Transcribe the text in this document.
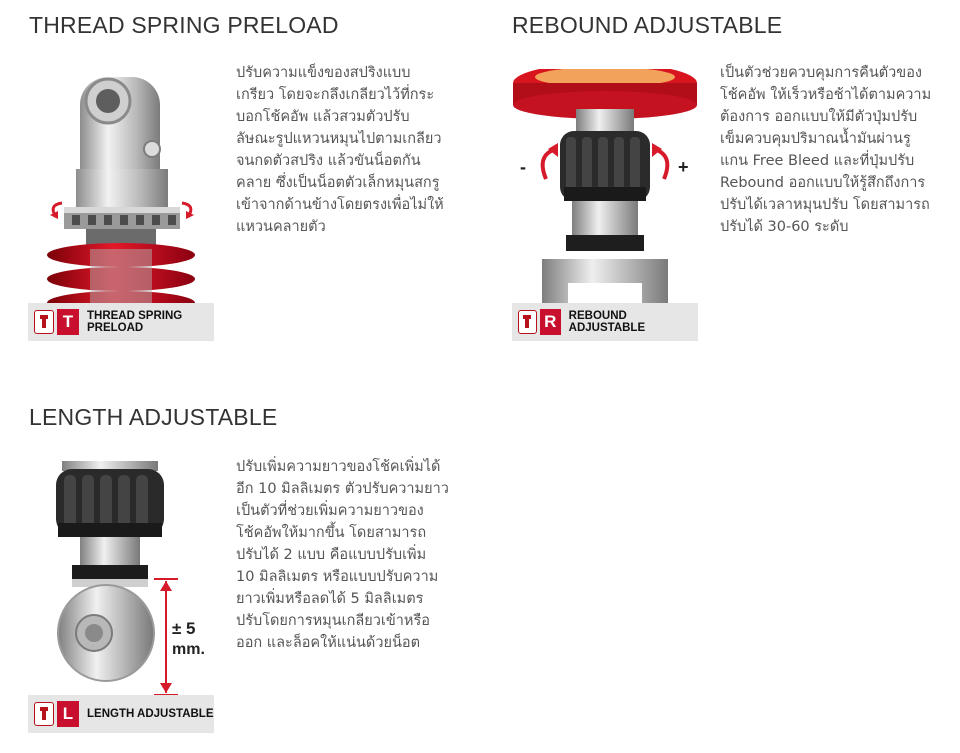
THREAD SPRING PRELOAD
T	THREAD SPRING PRELOAD

ปรับความแข็งของสปริงแบบ
เกรียว โดยจะกลึงเกลียวไว้ที่กระ
บอกโช้คอัพ แล้วสวมตัวปรับ
ลัษณะรูปแหวนหมุนไปตามเกลียว
จนกดตัวสปริง แล้วขันน็อตกัน
คลาย ซึ่งเป็นน็อตตัวเล็กหมุนสกรู
เข้าจากด้านข้างโดยตรงเพื่อไม่ให้
แหวนคลายตัว

REBOUND ADJUSTABLE
-	+
R	REBOUND ADJUSTABLE

เป็นตัวช่วยควบคุมการคืนตัวของ
โช้คอัพ ให้เร็วหรือช้าได้ตามความ
ต้องการ ออกแบบให้มีตัวปุ่มปรับ
เข็มควบคุมปริมาณน้ำมันผ่านรู
แกน Free Bleed และที่ปุ่มปรับ
Rebound ออกแบบให้รู้สึกถึงการ
ปรับได้เวลาหมุนปรับ โดยสามารถ
ปรับได้ 30-60 ระดับ

LENGTH ADJUSTABLE
± 5
mm.
L	LENGTH ADJUSTABLE

ปรับเพิ่มความยาวของโช้คเพิ่มได้
อีก 10 มิลลิเมตร ตัวปรับความยาว
เป็นตัวที่ช่วยเพิ่มความยาวของ
โช้คอัพให้มากขึ้น โดยสามารถ
ปรับได้ 2 แบบ คือแบบปรับเพิ่ม
10 มิลลิเมตร หรือแบบปรับความ
ยาวเพิ่มหรือลดได้ 5 มิลลิเมตร
ปรับโดยการหมุนเกลียวเข้าหรือ
ออก และล็อคให้แน่นด้วยน็อต
